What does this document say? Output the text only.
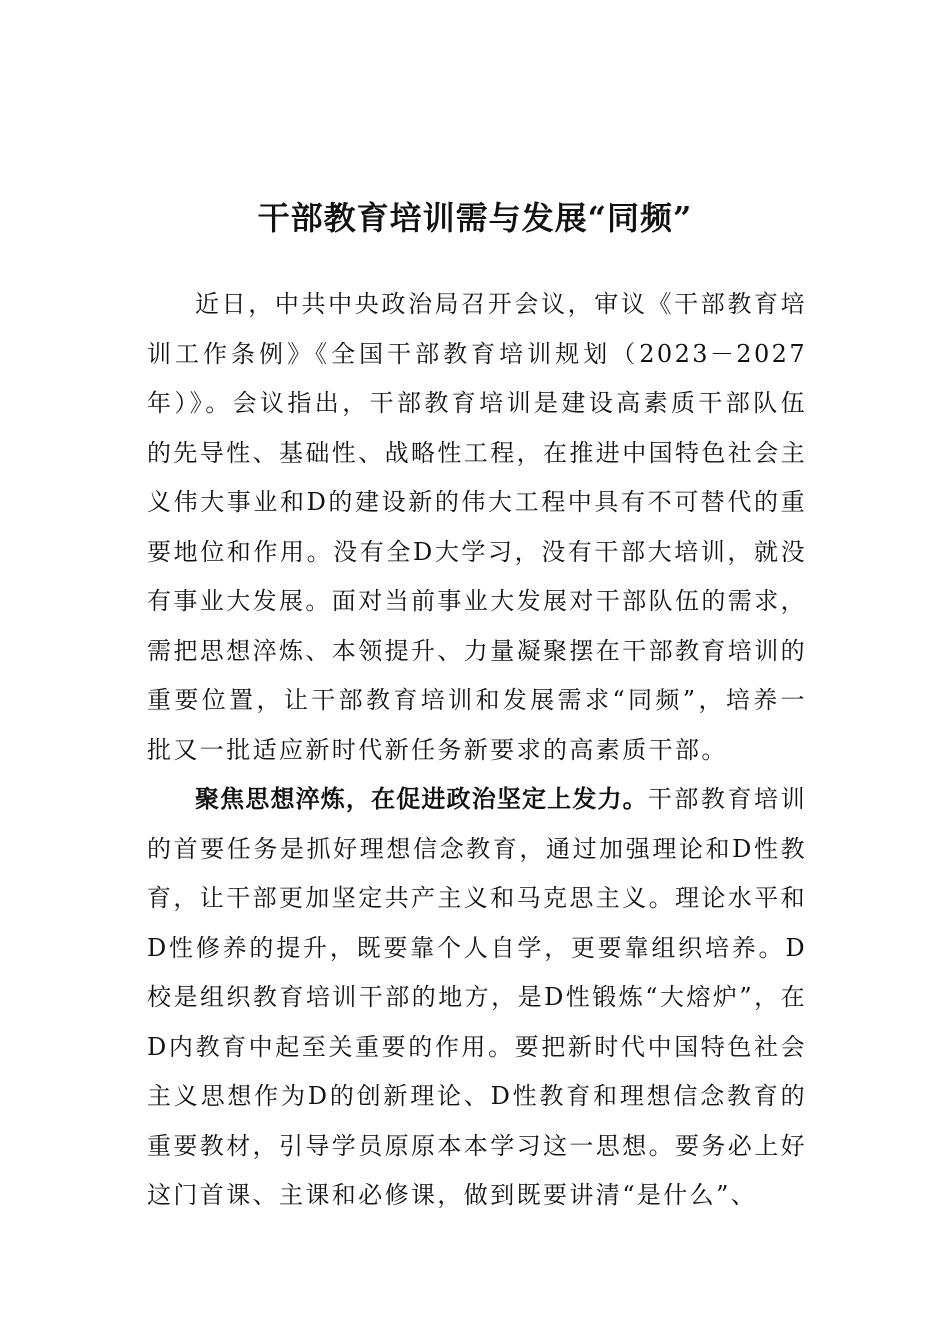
干部教育培训需与发展“同频”

近日，中共中央政治局召开会议，审议《干部教育培训工作条例》《全国干部教育培训规划（2023－2027年）》。会议指出，干部教育培训是建设高素质干部队伍的先导性、基础性、战略性工程，在推进中国特色社会主义伟大事业和D的建设新的伟大工程中具有不可替代的重要地位和作用。没有全D大学习，没有干部大培训，就没有事业大发展。面对当前事业大发展对干部队伍的需求，需把思想淬炼、本领提升、力量凝聚摆在干部教育培训的重要位置，让干部教育培训和发展需求“同频”，培养一批又一批适应新时代新任务新要求的高素质干部。

聚焦思想淬炼，在促进政治坚定上发力。干部教育培训的首要任务是抓好理想信念教育，通过加强理论和D性教育，让干部更加坚定共产主义和马克思主义。理论水平和D性修养的提升，既要靠个人自学，更要靠组织培养。D校是组织教育培训干部的地方，是D性锻炼“大熔炉”，在D内教育中起至关重要的作用。要把新时代中国特色社会主义思想作为D的创新理论、D性教育和理想信念教育的重要教材，引导学员原原本本学习这一思想。要务必上好这门首课、主课和必修课，做到既要讲清“是什么”、
